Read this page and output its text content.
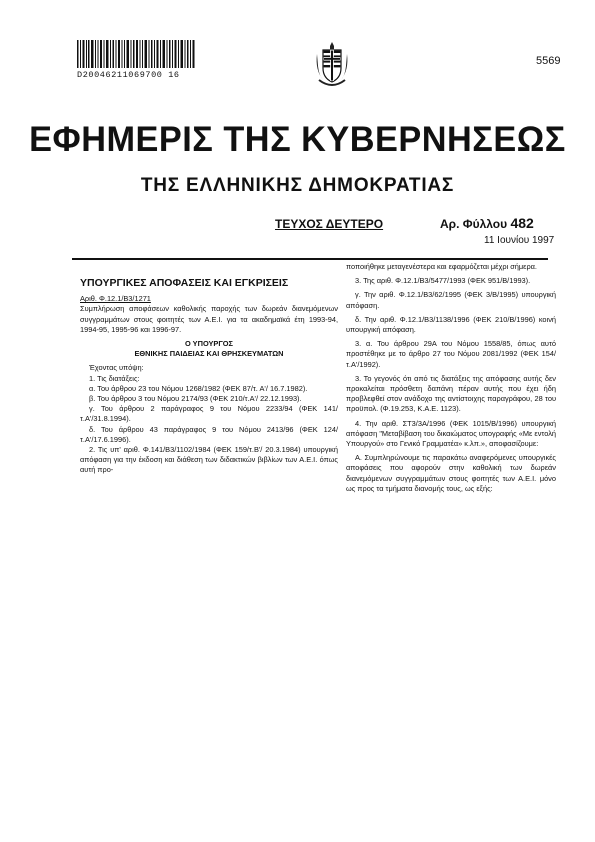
D20046211069700 16
5569
ΕΦΗΜΕΡΙΣ ΤΗΣ ΚΥΒΕΡΝΗΣΕΩΣ
ΤΗΣ ΕΛΛΗΝΙΚΗΣ ΔΗΜΟΚΡΑΤΙΑΣ
ΤΕΥΧΟΣ ΔΕΥΤΕΡΟ	Αρ. Φύλλου 482
11 Ιουνίου 1997

ΥΠΟΥΡΓΙΚΕΣ ΑΠΟΦΑΣΕΙΣ ΚΑΙ ΕΓΚΡΙΣΕΙΣ

Αριθ. Φ.12.1/Β3/1271

Συμπλήρωση αποφάσεων καθολικής παροχής των δωρεάν διανεμόμενων συγγραμμάτων στους φοιτητές των Α.Ε.Ι. για τα ακαδημαϊκά έτη 1993-94, 1994-95, 1995-96 και 1996-97.

Ο ΥΠΟΥΡΓΟΣ

ΕΘΝΙΚΗΣ ΠΑΙΔΕΙΑΣ ΚΑΙ ΘΡΗΣΚΕΥΜΑΤΩΝ

Έχοντας υπόψη:

1. Τις διατάξεις:

α. Του άρθρου 23 του Νόμου 1268/1982 (ΦΕΚ 87/τ. Α'/ 16.7.1982).

β. Του άρθρου 3 του Νόμου 2174/93 (ΦΕΚ 210/τ.Α'/ 22.12.1993).

γ. Του άρθρου 2 παράγραφος 9 του Νόμου 2233/94 (ΦΕΚ 141/τ.Α'/31.8.1994).

δ. Του άρθρου 43 παράγραφος 9 του Νόμου 2413/96 (ΦΕΚ 124/τ.Α'/17.6.1996).

2. Τις υπ' αριθ. Φ.141/Β3/1102/1984 (ΦΕΚ 159/τ.Β'/ 20.3.1984) υπουργική απόφαση για την έκδοση και διάθεση των διδακτικών βιβλίων των Α.Ε.Ι. όπως αυτή προ-

ποποιήθηκε μεταγενέστερα και εφαρμόζεται μέχρι σήμερα.

3. Της αριθ. Φ.12.1/Β3/5477/1993 (ΦΕΚ 951/Β/1993).

γ. Την αριθ. Φ.12.1/Β3/62/1995 (ΦΕΚ 3/Β/1995) υπουργική απόφαση.

δ. Την αριθ. Φ.12.1/Β3/1138/1996 (ΦΕΚ 210/Β/1996) κοινή υπουργική απόφαση.

3. α. Του άρθρου 29Α του Νόμου 1558/85, όπως αυτό προστέθηκε με το άρθρο 27 του Νόμου 2081/1992 (ΦΕΚ 154/τ.Α'/1992).

3. Το γεγονός ότι από τις διατάξεις της απόφασης αυτής δεν προκαλείται πρόσθετη δαπάνη πέραν αυτής που έχει ήδη προβλεφθεί στον ανάδοχο της αντίστοιχης παραγράφου, 28 του προϋπολ. (Φ.19.253, Κ.Α.Ε. 1123).

4. Την αριθ. ΣΤ3/3Α/1996 (ΦΕΚ 1015/Β/1996) υπουργική απόφαση "Μεταβίβαση του δικαιώματος υπογραφής «Με εντολή Υπουργού» στο Γενικό Γραμματέα» κ.λπ.», αποφασίζουμε:

Α. Συμπληρώνουμε τις παρακάτω αναφερόμενες υπουργικές αποφάσεις που αφορούν στην καθολική των δωρεάν διανεμόμενων συγγραμμάτων στους φοιτητές των Α.Ε.Ι. μόνο ως προς τα τμήματα διανομής τους, ως εξής:
